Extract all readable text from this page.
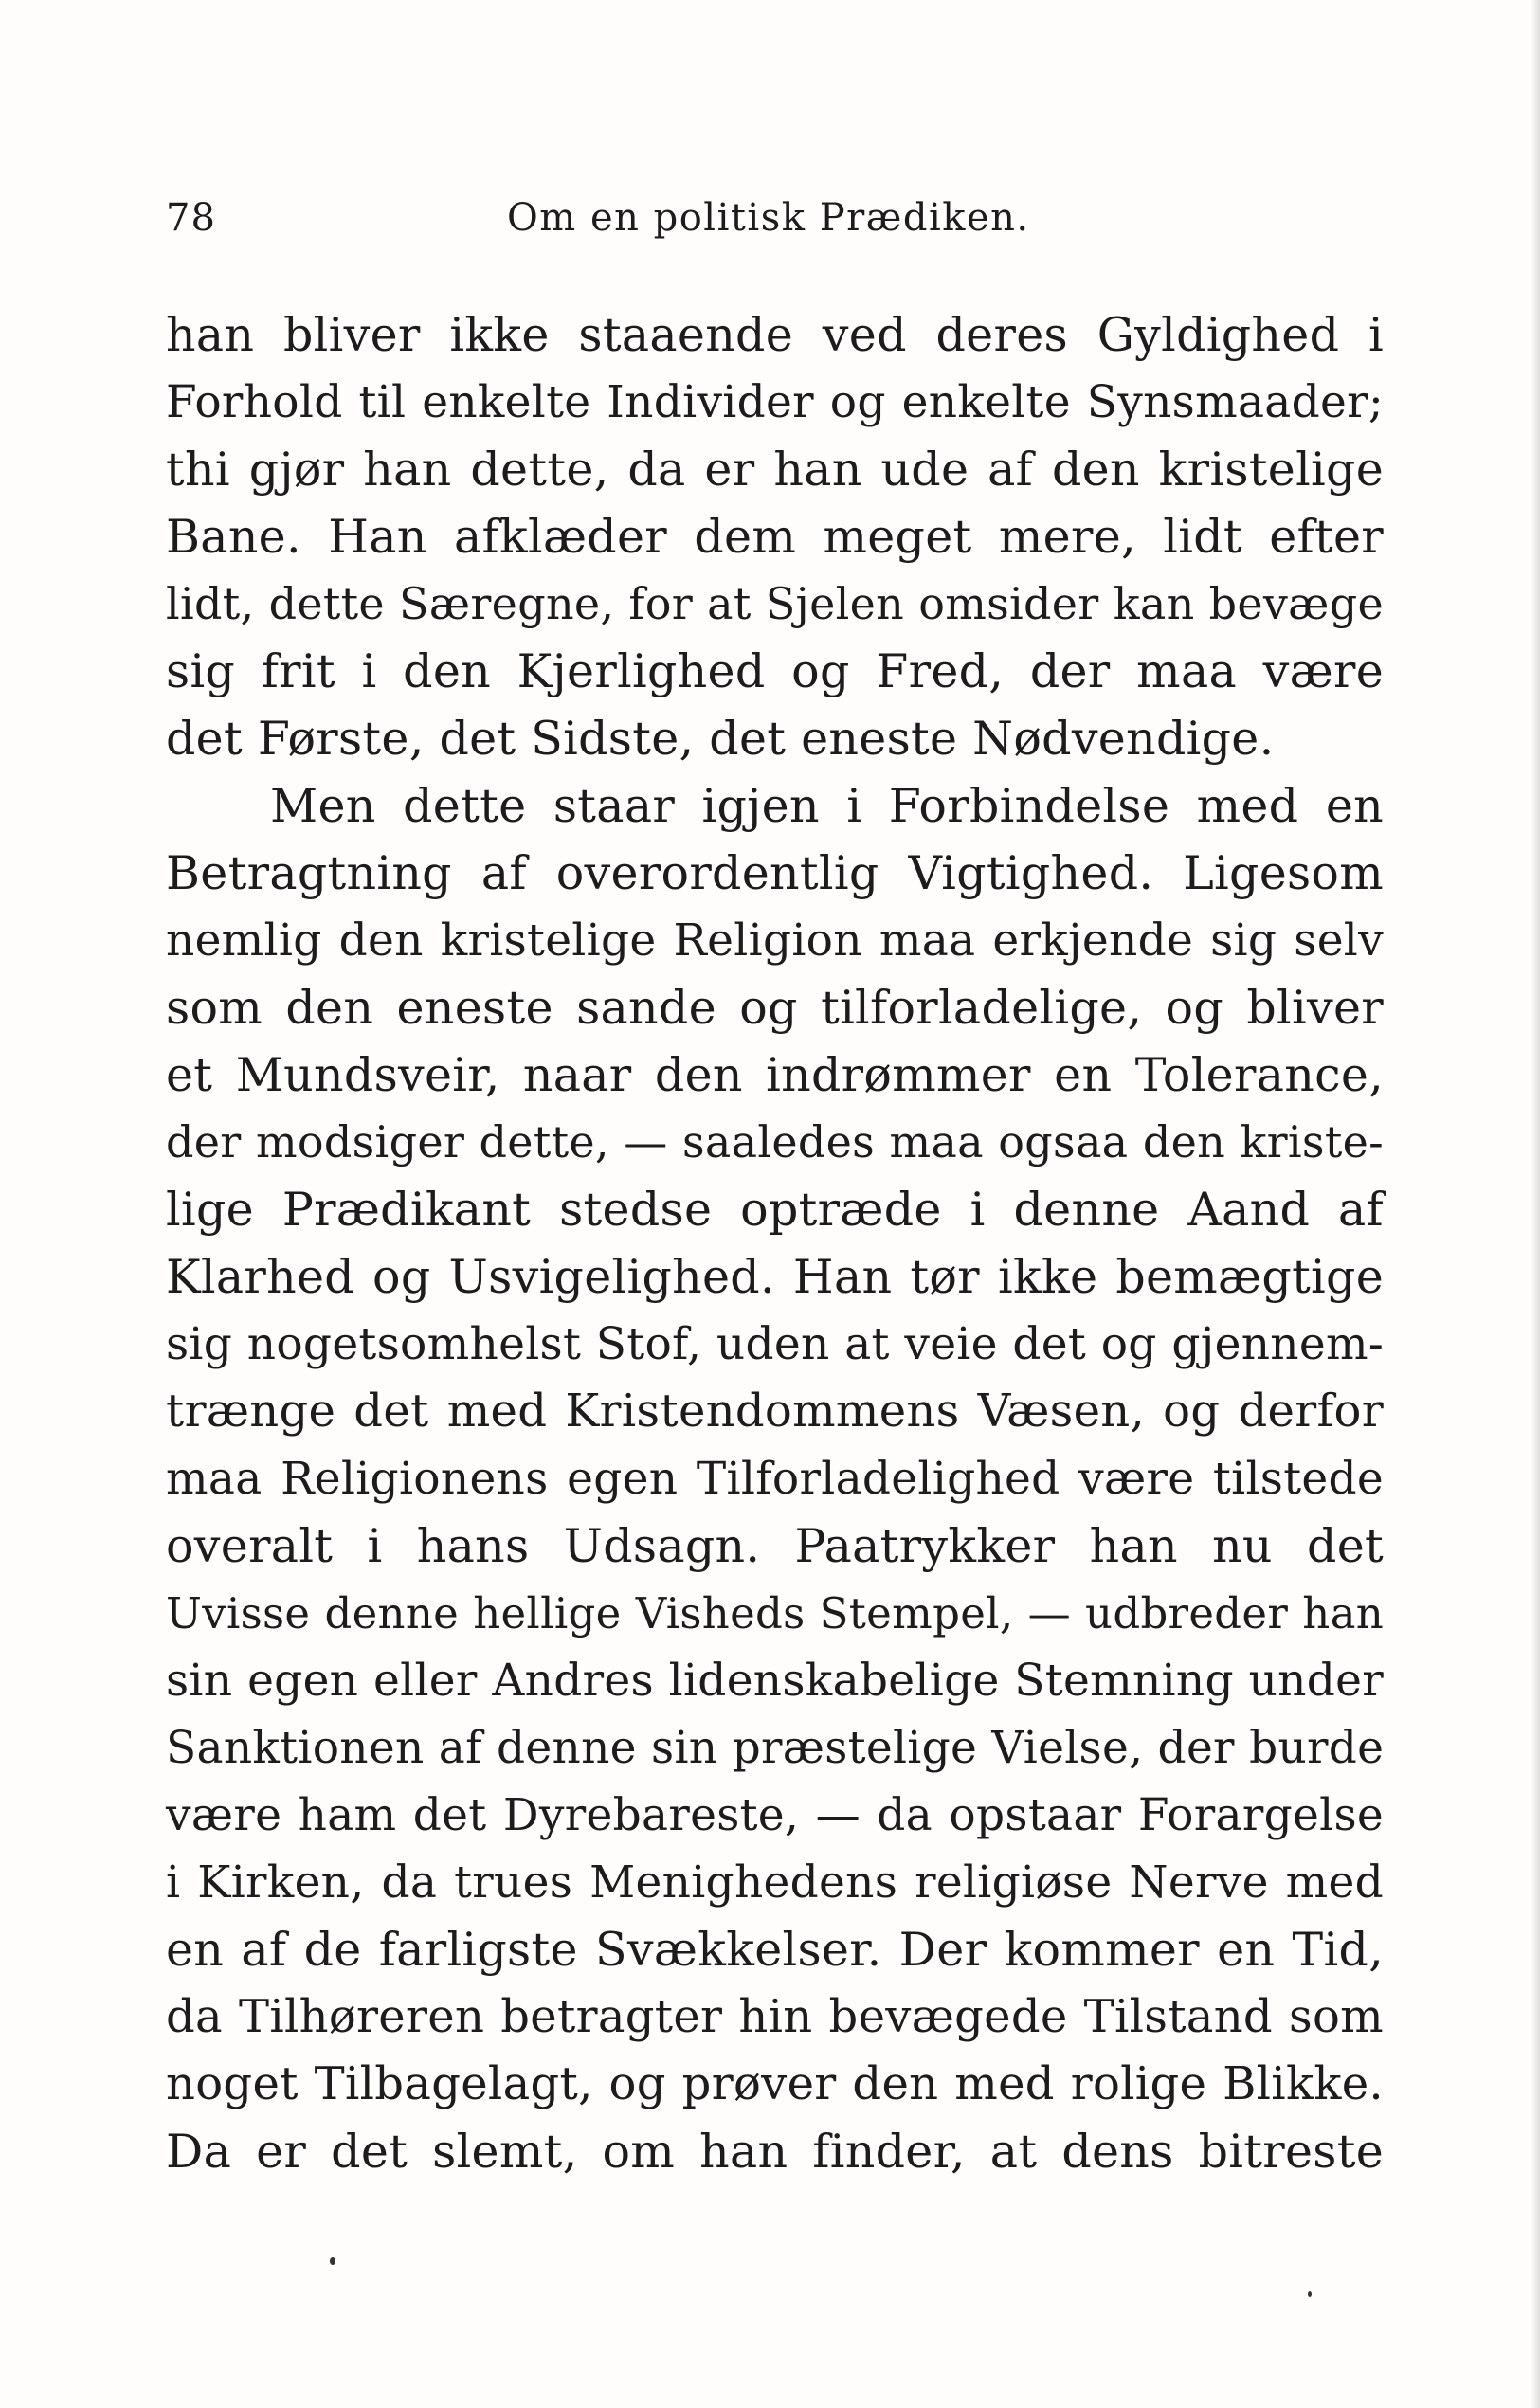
78	Om en politisk Prædiken.
han bliver ikke staaende ved deres Gyldighed i
Forhold til enkelte Individer og enkelte Synsmaader;
thi gjør han dette, da er han ude af den kristelige
Bane. Han afklæder dem meget mere, lidt efter
lidt, dette Særegne, for at Sjelen omsider kan bevæge
sig frit i den Kjerlighed og Fred, der maa være
det Første, det Sidste, det eneste Nødvendige.
Men dette staar igjen i Forbindelse med en
Betragtning af overordentlig Vigtighed. Ligesom
nemlig den kristelige Religion maa erkjende sig selv
som den eneste sande og tilforladelige, og bliver
et Mundsveir, naar den indrømmer en Tolerance,
der modsiger dette, — saaledes maa ogsaa den kriste-
lige Prædikant stedse optræde i denne Aand af
Klarhed og Usvigelighed. Han tør ikke bemægtige
sig nogetsomhelst Stof, uden at veie det og gjennem-
trænge det med Kristendommens Væsen, og derfor
maa Religionens egen Tilforladelighed være tilstede
overalt i hans Udsagn. Paatrykker han nu det
Uvisse denne hellige Visheds Stempel, — udbreder han
sin egen eller Andres lidenskabelige Stemning under
Sanktionen af denne sin præstelige Vielse, der burde
være ham det Dyrebareste, — da opstaar Forargelse
i Kirken, da trues Menighedens religiøse Nerve med
en af de farligste Svækkelser. Der kommer en Tid,
da Tilhøreren betragter hin bevægede Tilstand som
noget Tilbagelagt, og prøver den med rolige Blikke.
Da er det slemt, om han finder, at dens bitreste
